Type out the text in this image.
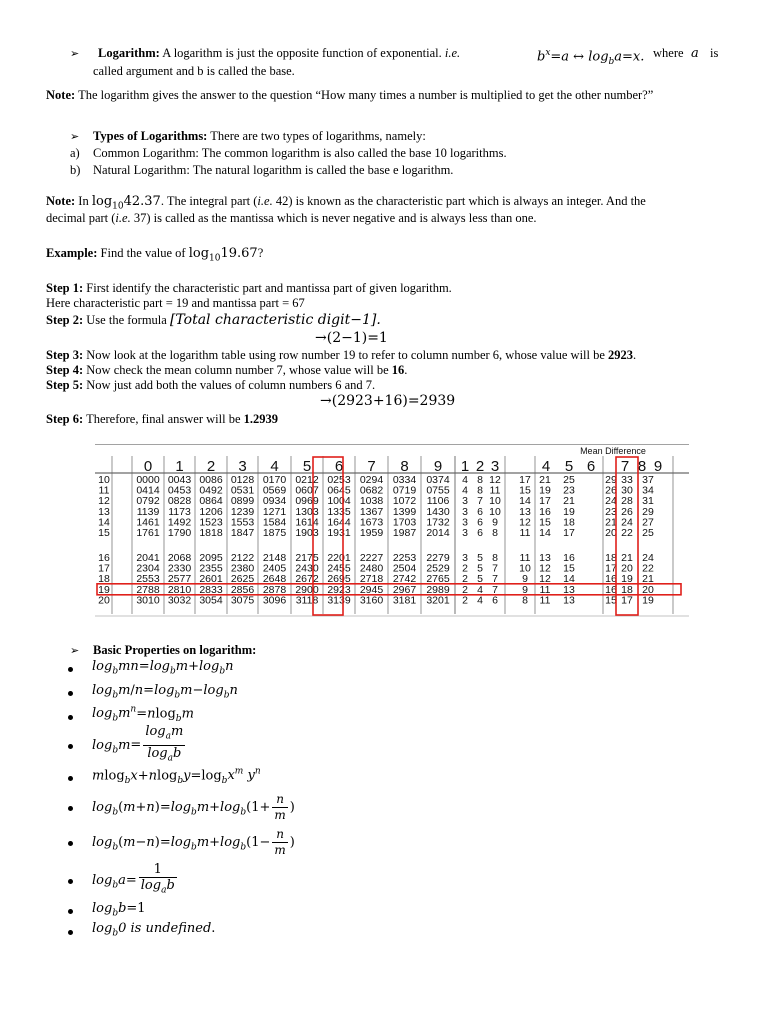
➢ Logarithm: A logarithm is just the opposite function of exponential. i.e.	$b^x=a$ ↔ $\log_ba=x$. where a is
called argument and b is called the base.
Note: The logarithm gives the answer to the question “How many times a number is multiplied to get the other number?”
➢ Types of Logarithms: There are two types of logarithms, namely:
a) Common Logarithm: The common logarithm is also called the base 10 logarithms.
b) Natural Logarithm: The natural logarithm is called the base e logarithm.
Note: In $\log_{10}42.37$. The integral part (i.e. 42) is known as the characteristic part which is always an integer. And the
decimal part (i.e. 37) is called as the mantissa which is never negative and is always less than one.
Example: Find the value of $\log_{10}19.67$?
Step 1: First identify the characteristic part and mantissa part of given logarithm.
Here characteristic part = 19 and mantissa part = 67
Step 2: Use the formula [Total characteristic digit−1].
→(2−1)=1
Step 3: Now look at the logarithm table using row number 19 to refer to column number 6, whose value will be 2923.
Step 4: Now check the mean column number 7, whose value will be 16.
Step 5: Now just add both the values of column numbers 6 and 7.
→(2923+16)=2939
Step 6: Therefore, final answer will be 1.2939
Mean Difference
0 1 2 3 4 5 6 7 8 9 1 2 3	4 5 6 7 8 9
10	0000 0043 0086 0128 0170 0212 0253 0294 0334 0374 4 8 12 17 21 25	29 33 37
11	0414 0453 0492 0531 0569 0607 0645 0682 0719 0755 4 8 11 15 19 23	26 30 34
12	0792 0828 0864 0899 0934 0969 1004 1038 1072 1106 3 7 10 14 17 21	24 28 31
13	1139 1173 1206 1239 1271 1303 1335 1367 1399 1430 3 6 10 13 16 19	23 26 29
14	1461 1492 1523 1553 1584 1614 1644 1673 1703 1732 3 6 9 12 15 18	21 24 27
15	1761 1790 1818 1847 1875 1903 1931 1959 1987 2014 3 6 8 11 14 17	20 22 25
16	2041 2068 2095 2122 2148 2175 2201 2227 2253 2279 3 5 8 11 13 16	18 21 24
17	2304 2330 2355 2380 2405 2430 2455 2480 2504 2529 2 5 7 10 12 15	17 20 22
18	2553 2577 2601 2625 2648 2672 2695 2718 2742 2765 2 5 7 9 12 14	16 19 21
19	2788 2810 2833 2856 2878 2900 2923 2945 2967 2989 2 4 7 9 11 13	16 18 20
20	3010 3032 3054 3075 3096 3118 3139 3160 3181 3201 2 4 6 8 11 13	15 17 19
➢ Basic Properties on logarithm:
$\log_bmn=\log_bm+\log_bn$
$\log_bm/n=\log_bm-\log_bn$
$\log_bm^n=nlog_bm$
$\log_bm= \frac{\log_am}{\log_ab}$
$mlog_bx+nlog_by=\log_bx^m$ $y^n$
$\log_b(m+n)=\log_bm+\log_b(1+ \frac{n}{m}$ )
$\log_b(m-n)=\log_bm+\log_b(1- \frac{n}{m}$ )
$\log_ba= \frac{1}{\log_ab}$
$\log_bb=1$
$\log_b0$ is undefined.
